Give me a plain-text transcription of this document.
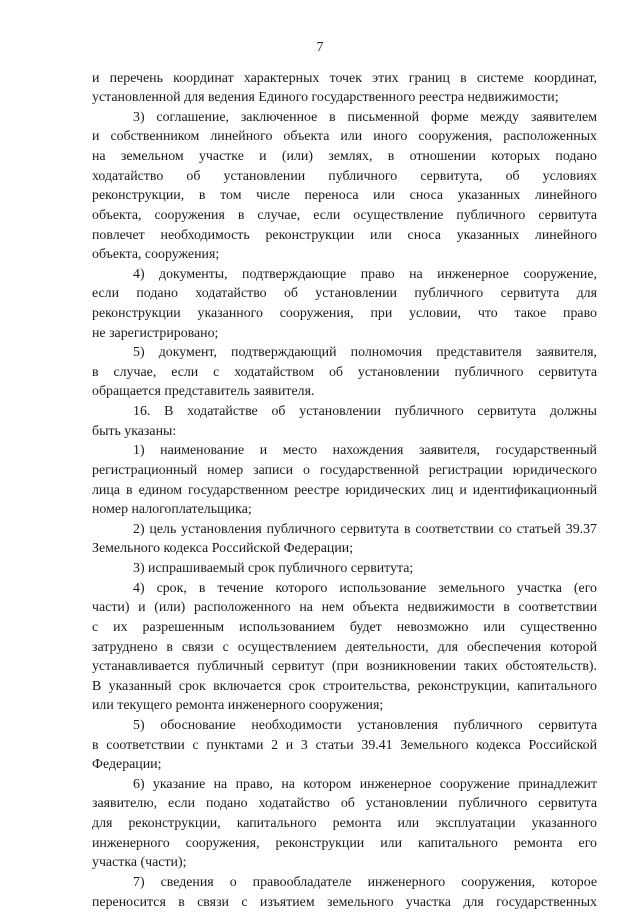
7
и перечень координат характерных точек этих границ в системе координат,
установленной для ведения Единого государственного реестра недвижимости;
3) соглашение, заключенное в письменной форме между заявителем
и собственником линейного объекта или иного сооружения, расположенных
на земельном участке и (или) землях, в отношении которых подано
ходатайство об установлении публичного сервитута, об условиях
реконструкции, в том числе переноса или сноса указанных линейного
объекта, сооружения в случае, если осуществление публичного сервитута
повлечет необходимость реконструкции или сноса указанных линейного
объекта, сооружения;
4) документы, подтверждающие право на инженерное сооружение,
если подано ходатайство об установлении публичного сервитута для
реконструкции указанного сооружения, при условии, что такое право
не зарегистрировано;
5) документ, подтверждающий полномочия представителя заявителя,
в случае, если с ходатайством об установлении публичного сервитута
обращается представитель заявителя.
16. В ходатайстве об установлении публичного сервитута должны
быть указаны:
1) наименование и место нахождения заявителя, государственный
регистрационный номер записи о государственной регистрации юридического
лица в едином государственном реестре юридических лиц и идентификационный
номер налогоплательщика;
2) цель установления публичного сервитута в соответствии со статьей 39.37
Земельного кодекса Российской Федерации;
3) испрашиваемый срок публичного сервитута;
4) срок, в течение которого использование земельного участка (его
части) и (или) расположенного на нем объекта недвижимости в соответствии
с их разрешенным использованием будет невозможно или существенно
затруднено в связи с осуществлением деятельности, для обеспечения которой
устанавливается публичный сервитут (при возникновении таких обстоятельств).
В указанный срок включается срок строительства, реконструкции, капитального
или текущего ремонта инженерного сооружения;
5) обоснование необходимости установления публичного сервитута
в соответствии с пунктами 2 и 3 статьи 39.41 Земельного кодекса Российской
Федерации;
6) указание на право, на котором инженерное сооружение принадлежит
заявителю, если подано ходатайство об установлении публичного сервитута
для реконструкции, капитального ремонта или эксплуатации указанного
инженерного сооружения, реконструкции или капитального ремонта его
участка (части);
7) сведения о правообладателе инженерного сооружения, которое
переносится в связи с изъятием земельного участка для государственных
